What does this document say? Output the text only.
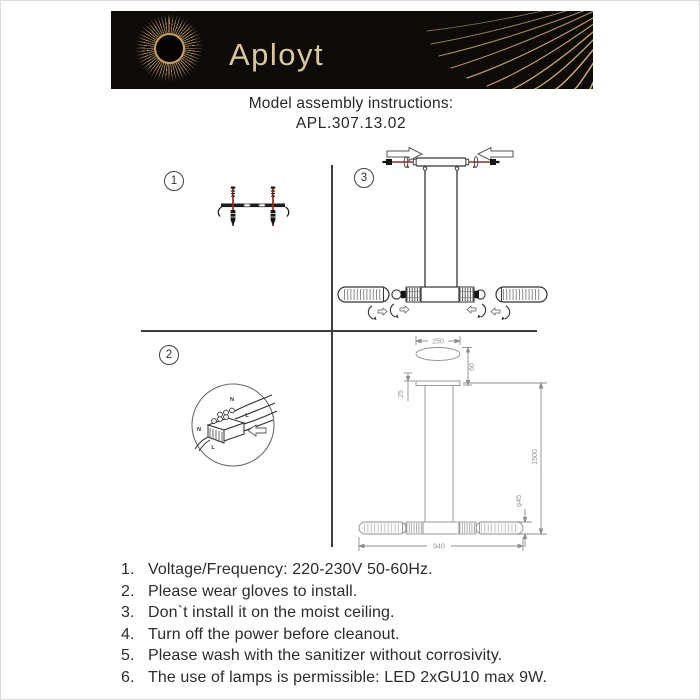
Aployt
Model assembly instructions:
APL.307.13.02
1
2
3
N
L
N
L
250
60
25
1500
φ45
940
1. Voltage/Frequency: 220-230V 50-60Hz.
2. Please wear gloves to install.
3. Don`t install it on the moist ceiling.
4. Turn off the power before cleanout.
5. Please wash with the sanitizer without corrosivity.
6. The use of lamps is permissible: LED 2xGU10 max 9W.
